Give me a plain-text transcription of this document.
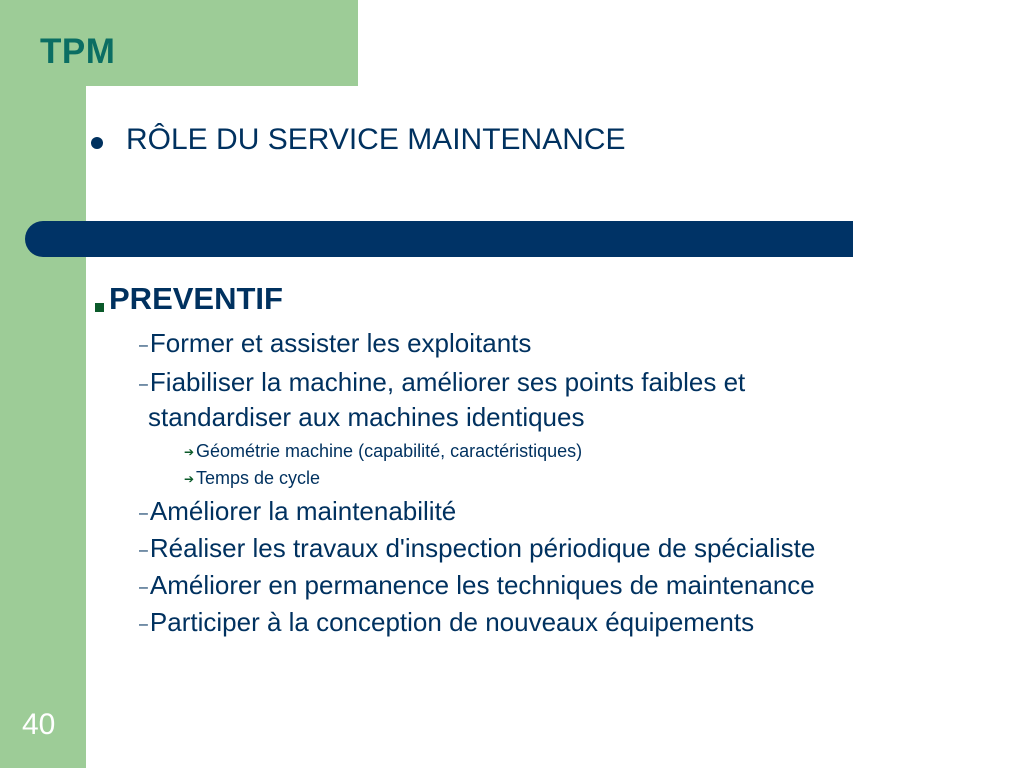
TPM
RÔLE DU SERVICE MAINTENANCE
PREVENTIF
–Former et assister les exploitants
–Fiabiliser la machine, améliorer ses points faibles et
standardiser aux machines identiques
➔ Géométrie machine (capabilité, caractéristiques)
➔ Temps de cycle
–Améliorer la maintenabilité
–Réaliser les travaux d'inspection périodique de spécialiste
–Améliorer en permanence les techniques de maintenance
–Participer à la conception de nouveaux équipements
40
